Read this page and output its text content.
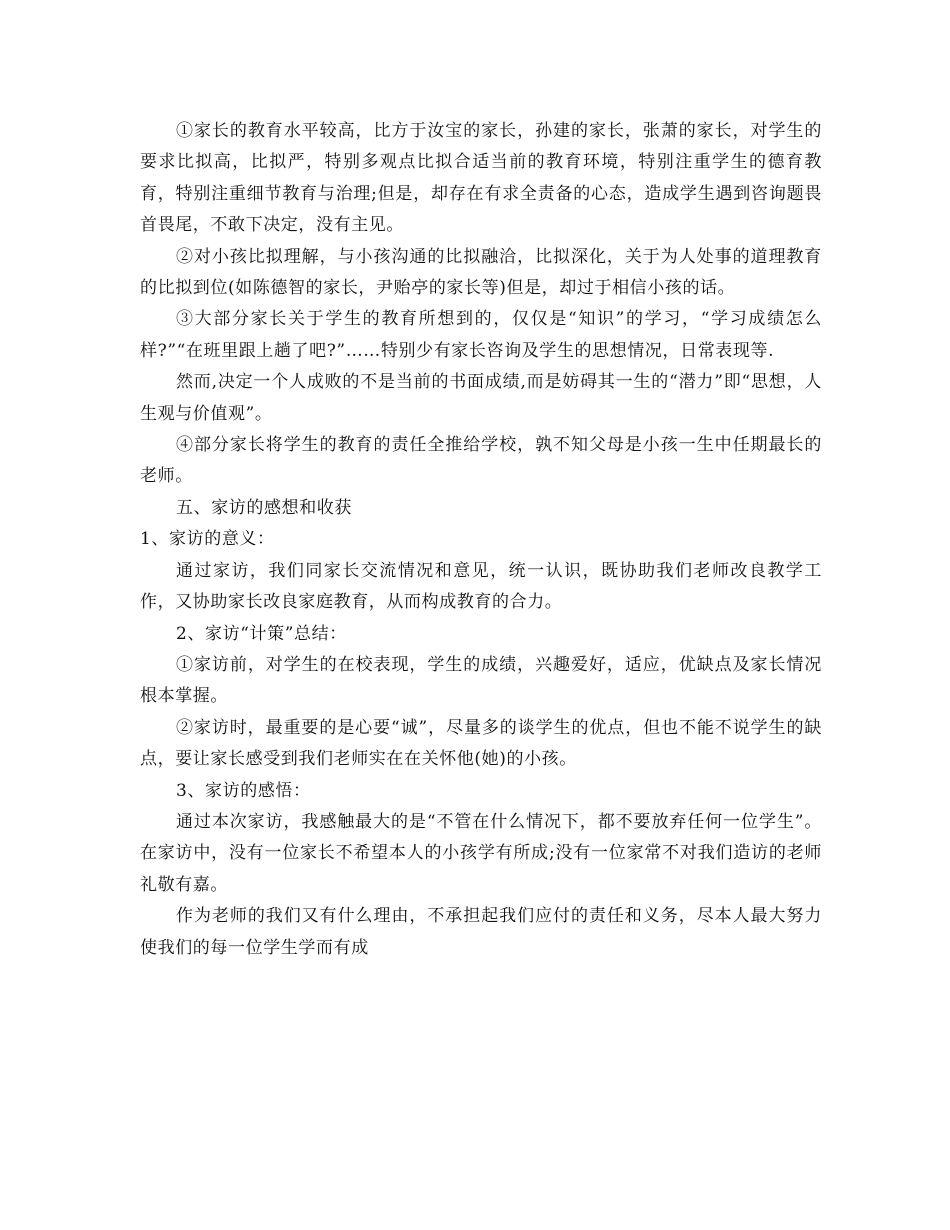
①家长的教育水平较高，比方于汝宝的家长，孙建的家长，张萧的家长，对学生的要求比拟高，比拟严，特别多观点比拟合适当前的教育环境，特别注重学生的德育教育，特别注重细节教育与治理;但是，却存在有求全责备的心态，造成学生遇到咨询题畏首畏尾，不敢下决定，没有主见。

②对小孩比拟理解，与小孩沟通的比拟融洽，比拟深化，关于为人处事的道理教育的比拟到位(如陈德智的家长，尹贻亭的家长等)但是，却过于相信小孩的话。

③大部分家长关于学生的教育所想到的，仅仅是“知识”的学习，“学习成绩怎么样?”“在班里跟上趟了吧?”……特别少有家长咨询及学生的思想情况，日常表现等.

然而,决定一个人成败的不是当前的书面成绩,而是妨碍其一生的“潜力”即“思想，人生观与价值观”。

④部分家长将学生的教育的责任全推给学校，孰不知父母是小孩一生中任期最长的老师。

五、家访的感想和收获

1、家访的意义：

通过家访，我们同家长交流情况和意见，统一认识，既协助我们老师改良教学工作，又协助家长改良家庭教育，从而构成教育的合力。

2、家访“计策”总结：

①家访前，对学生的在校表现，学生的成绩，兴趣爱好，适应，优缺点及家长情况根本掌握。

②家访时，最重要的是心要“诚”，尽量多的谈学生的优点，但也不能不说学生的缺点，要让家长感受到我们老师实在在关怀他(她)的小孩。

3、家访的感悟：

通过本次家访，我感触最大的是“不管在什么情况下，都不要放弃任何一位学生”。在家访中，没有一位家长不希望本人的小孩学有所成;没有一位家常不对我们造访的老师礼敬有嘉。

作为老师的我们又有什么理由，不承担起我们应付的责任和义务，尽本人最大努力使我们的每一位学生学而有成
